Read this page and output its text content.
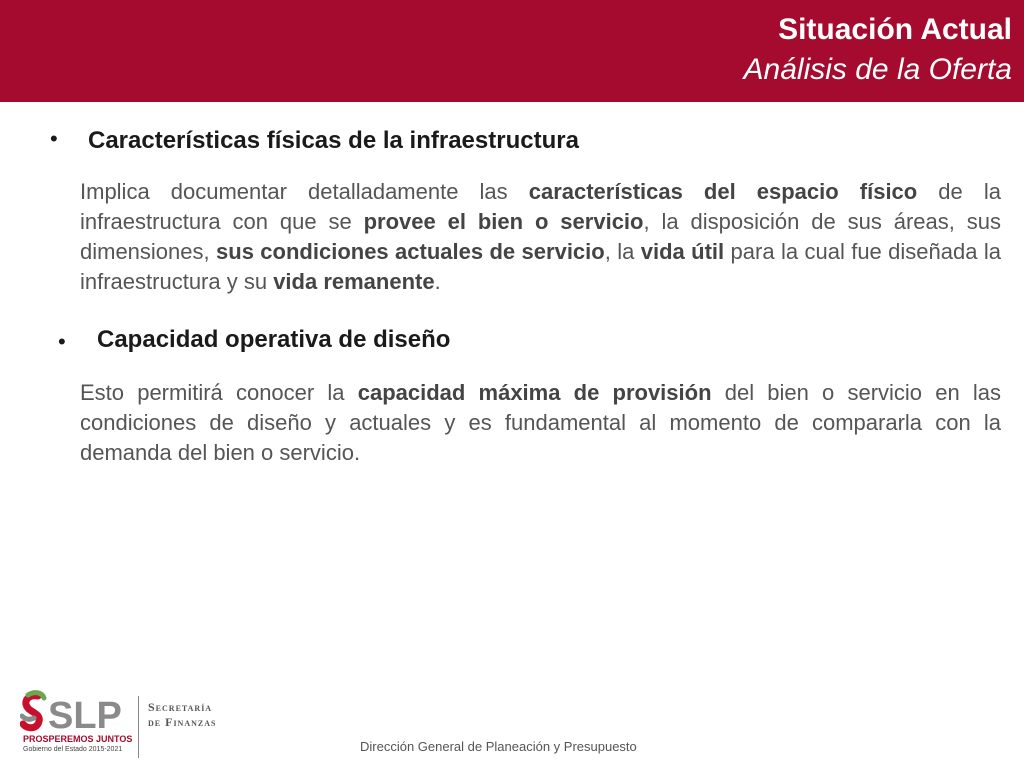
Situación Actual
Análisis de la Oferta
• Características físicas de la infraestructura
Implica documentar detalladamente las características del espacio físico de la infraestructura con que se provee el bien o servicio, la disposición de sus áreas, sus dimensiones, sus condiciones actuales de servicio, la vida útil para la cual fue diseñada la infraestructura y su vida remanente.
• Capacidad operativa de diseño
Esto permitirá conocer la capacidad máxima de provisión del bien o servicio en las condiciones de diseño y actuales y es fundamental al momento de compararla con la demanda del bien o servicio.
SLP
PROSPEREMOS JUNTOS
Gobierno del Estado 2015-2021
Secretaría
de Finanzas
Dirección General de Planeación y Presupuesto
